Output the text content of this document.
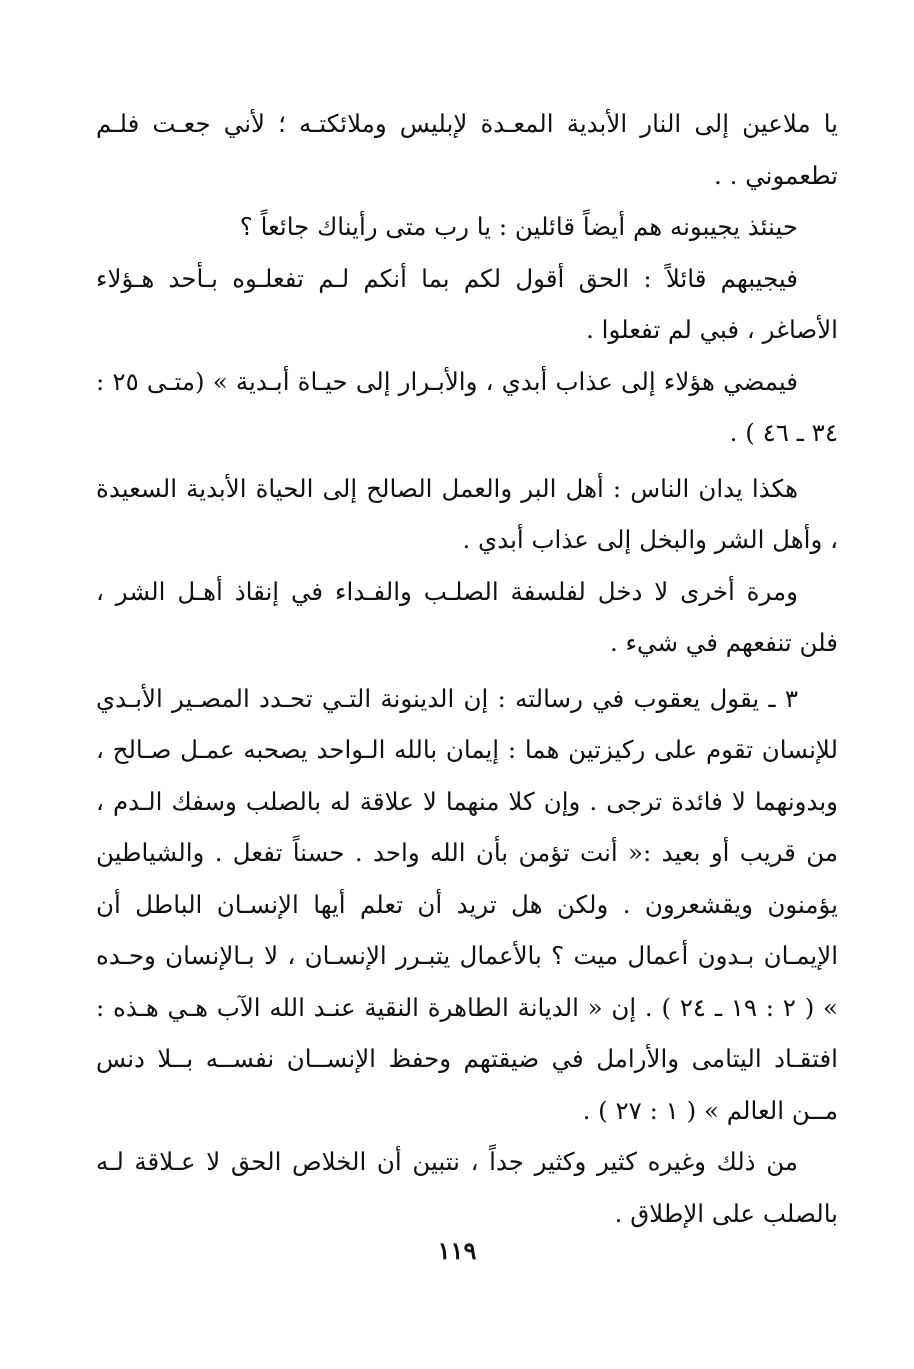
يا ملاعين إلى النار الأبدية المعـدة لإبليس وملائكتـه ؛ لأني جعـت فلـم تطعموني . .

حينئذ يجيبونه هم أيضاً قائلين : يا رب متى رأيناك جائعاً ؟

فيجيبهم قائلاً : الحق أقول لكم بما أنكم لـم تفعلـوه بـأحد هـؤلاء الأصاغر ، فبي لم تفعلوا .

فيمضي هؤلاء إلى عذاب أبدي ، والأبـرار إلى حيـاة أبـدية » (متـى ٢٥ : ٣٤ ـ ٤٦ ) .

هكذا يدان الناس : أهل البر والعمل الصالح إلى الحياة الأبدية السعيدة ، وأهل الشر والبخل إلى عذاب أبدي .

ومرة أخرى لا دخل لفلسفة الصلـب والفـداء في إنقاذ أهـل الشر ، فلن تنفعهم في شيء .

٣ ـ يقول يعقوب في رسالته : إن الدينونة التـي تحـدد المصـير الأبـدي للإنسان تقوم على ركيزتين هما : إيمان بالله الـواحد يصحبه عمـل صـالح ، وبدونهما لا فائدة ترجى . وإن كلا منهما لا علاقة له بالصلب وسفك الـدم ، من قريب أو بعيد :« أنت تؤمن بأن الله واحد . حسناً تفعل . والشياطين يؤمنون ويقشعرون . ولكن هل تريد أن تعلم أيها الإنسـان الباطل أن الإيمـان بـدون أعمال ميت ؟ بالأعمال يتبـرر الإنسـان ، لا بـالإنسان وحـده » ( ٢ : ١٩ ـ ٢٤ ) . إن « الديانة الطاهرة النقية عنـد الله الآب هـي هـذه : افتقـاد اليتامى والأرامل في ضيقتهم وحفظ الإنســان نفســه بــلا دنس مــن العالم » ( ١ : ٢٧ ) .

من ذلك وغيره كثير وكثير جداً ، نتبين أن الخلاص الحق لا عـلاقة لـه بالصلب على الإطلاق .

١١٩
